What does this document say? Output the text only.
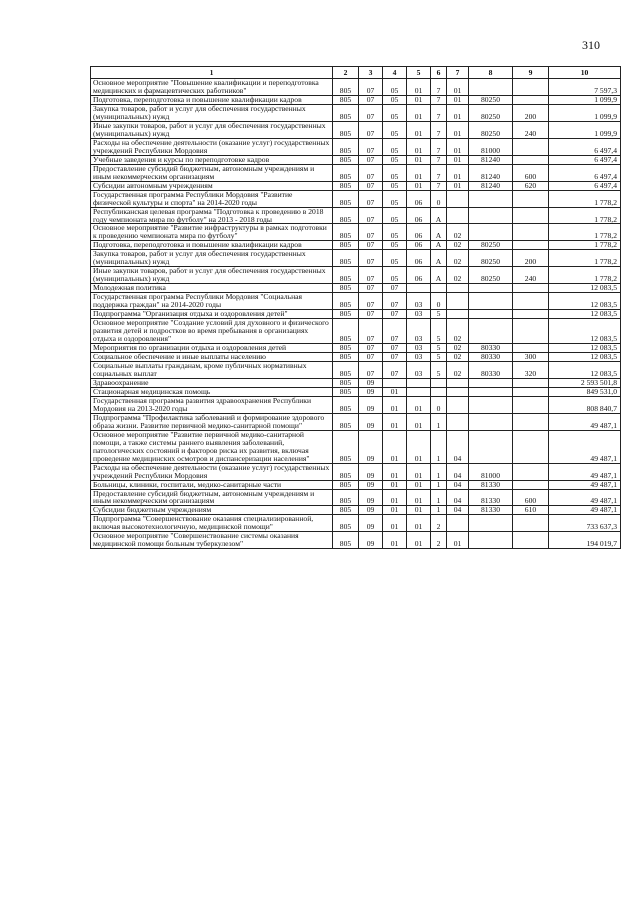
310
1	2	3	4	5	6	7	8	9	10
Основное мероприятие "Повышение квалификации и переподготовка медицинских и фармацевтических работников"	805	07	05	01	7	01			7 597,3
Подготовка, переподготовка и повышение квалификации кадров	805	07	05	01	7	01	80250		1 099,9
Закупка товаров, работ и услуг для обеспечения государственных (муниципальных) нужд	805	07	05	01	7	01	80250	200	1 099,9
Иные закупки товаров, работ и услуг для обеспечения государственных (муниципальных) нужд	805	07	05	01	7	01	80250	240	1 099,9
Расходы на обеспечение деятельности (оказание услуг) государственных учреждений Республики Мордовия	805	07	05	01	7	01	81000		6 497,4
Учебные заведения и курсы по переподготовке кадров	805	07	05	01	7	01	81240		6 497,4
Предоставление субсидий бюджетным, автономным учреждениям и иным некоммерческим организациям	805	07	05	01	7	01	81240	600	6 497,4
Субсидии автономным учреждениям	805	07	05	01	7	01	81240	620	6 497,4
Государственная программа Республики Мордовия "Развитие физической культуры и спорта" на 2014-2020 годы	805	07	05	06	0				1 778,2
Республиканская целевая программа "Подготовка к проведению в 2018 году чемпионата мира по футболу" на 2013 - 2018 годы	805	07	05	06	А				1 778,2
Основное мероприятие "Развитие инфраструктуры в рамках подготовки к проведению чемпионата мира по футболу"	805	07	05	06	А	02			1 778,2
Подготовка, переподготовка и повышение квалификации кадров	805	07	05	06	А	02	80250		1 778,2
Закупка товаров, работ и услуг для обеспечения государственных (муниципальных) нужд	805	07	05	06	А	02	80250	200	1 778,2
Иные закупки товаров, работ и услуг для обеспечения государственных (муниципальных) нужд	805	07	05	06	А	02	80250	240	1 778,2
Молодежная политика	805	07	07						12 083,5
Государственная программа Республики Мордовия "Социальная поддержка граждан" на 2014-2020 годы	805	07	07	03	0				12 083,5
Подпрограмма "Организация отдыха и оздоровления детей"	805	07	07	03	5				12 083,5
Основное мероприятие "Создание условий для духовного и физического развития детей и подростков во время пребывания в организациях отдыха и оздоровления"	805	07	07	03	5	02			12 083,5
Мероприятия по организации отдыха и оздоровления детей	805	07	07	03	5	02	80330		12 083,5
Социальное обеспечение и иные выплаты населению	805	07	07	03	5	02	80330	300	12 083,5
Социальные выплаты гражданам, кроме публичных нормативных социальных выплат	805	07	07	03	5	02	80330	320	12 083,5
Здравоохранение	805	09							2 593 501,8
Стационарная медицинская помощь	805	09	01						849 531,0
Государственная программа развития здравоохранения Республики Мордовия на 2013-2020 годы	805	09	01	01	0				808 840,7
Подпрограмма "Профилактика заболеваний и формирование здорового образа жизни. Развитие первичной медико-санитарной помощи"	805	09	01	01	1				49 487,1
Основное мероприятие "Развитие первичной медико-санитарной помощи, а также системы раннего выявления заболеваний, патологических состояний и факторов риска их развития, включая проведение медицинских осмотров и диспансеризации населения"	805	09	01	01	1	04			49 487,1
Расходы на обеспечение деятельности (оказание услуг) государственных учреждений Республики Мордовия	805	09	01	01	1	04	81000		49 487,1
Больницы, клиники, госпитали, медико-санитарные части	805	09	01	01	1	04	81330		49 487,1
Предоставление субсидий бюджетным, автономным учреждениям и иным некоммерческим организациям	805	09	01	01	1	04	81330	600	49 487,1
Субсидии бюджетным учреждениям	805	09	01	01	1	04	81330	610	49 487,1
Подпрограмма "Совершенствование оказания специализированной, включая высокотехнологичную, медицинской помощи"	805	09	01	01	2				733 637,3
Основное мероприятие "Совершенствование системы оказания медицинской помощи больным туберкулезом"	805	09	01	01	2	01			194 019,7
